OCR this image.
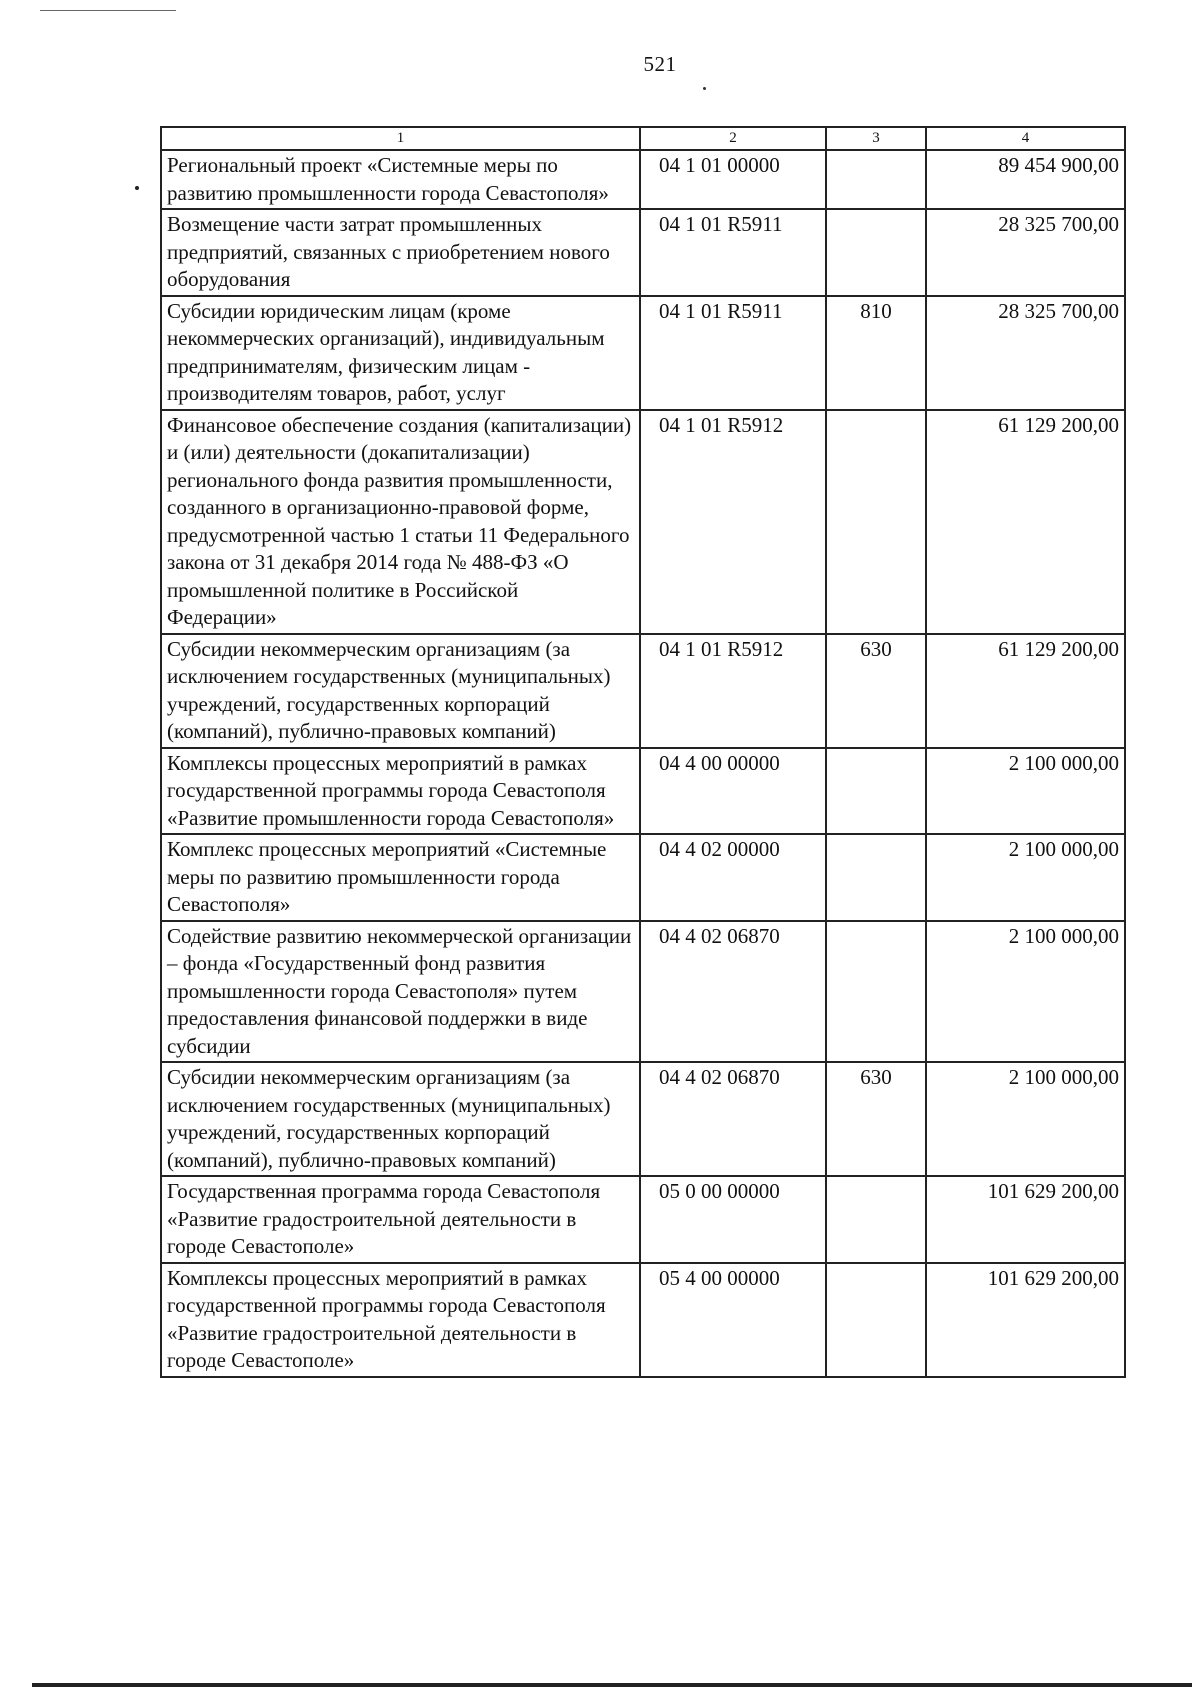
521
1	2	3	4
Региональный проект «Системные меры по развитию промышленности города Севастополя»	04 1 01 00000		89 454 900,00
Возмещение части затрат промышленных предприятий, связанных с приобретением нового оборудования	04 1 01 R5911		28 325 700,00
Субсидии юридическим лицам (кроме некоммерческих организаций), индивидуальным предпринимателям, физическим лицам - производителям товаров, работ, услуг	04 1 01 R5911	810	28 325 700,00
Финансовое обеспечение создания (капитализации) и (или) деятельности (докапитализации) регионального фонда развития промышленности, созданного в организационно-правовой форме, предусмотренной частью 1 статьи 11 Федерального закона от 31 декабря 2014 года № 488-ФЗ «О промышленной политике в Российской Федерации»	04 1 01 R5912		61 129 200,00
Субсидии некоммерческим организациям (за исключением государственных (муниципальных) учреждений, государственных корпораций (компаний), публично-правовых компаний)	04 1 01 R5912	630	61 129 200,00
Комплексы процессных мероприятий в рамках государственной программы города Севастополя «Развитие промышленности города Севастополя»	04 4 00 00000		2 100 000,00
Комплекс процессных мероприятий «Системные меры по развитию промышленности города Севастополя»	04 4 02 00000		2 100 000,00
Содействие развитию некоммерческой организации – фонда «Государственный фонд развития промышленности города Севастополя» путем предоставления финансовой поддержки в виде субсидии	04 4 02 06870		2 100 000,00
Субсидии некоммерческим организациям (за исключением государственных (муниципальных) учреждений, государственных корпораций (компаний), публично-правовых компаний)	04 4 02 06870	630	2 100 000,00
Государственная программа города Севастополя «Развитие градостроительной деятельности в городе Севастополе»	05 0 00 00000		101 629 200,00
Комплексы процессных мероприятий в рамках государственной программы города Севастополя «Развитие градостроительной деятельности в городе Севастополе»	05 4 00 00000		101 629 200,00
